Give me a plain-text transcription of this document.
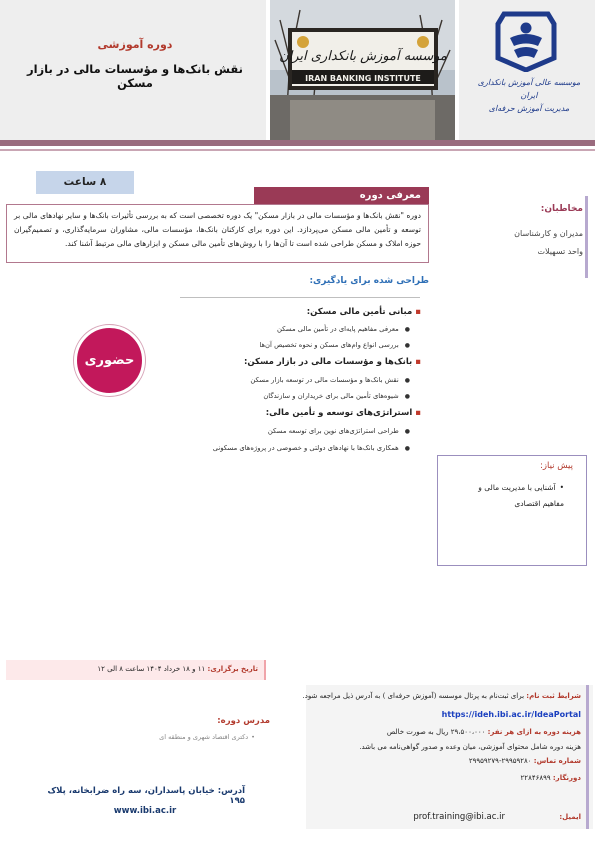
موسسه آموزش بانکداری ایران
IRAN BANKING INSTITUTE
دوره آموزشی
نقش بانک‌ها و مؤسسات مالی در بازار مسکن	موسسه عالی آموزش بانکداری ایران
مدیریت آموزش حرفه‌ای
۸ ساعت
معرفی دوره
دوره "نقش بانک‌ها و مؤسسات مالی در بازار مسکن" یک دوره تخصصی است که به بررسی تأثیرات بانک‌ها و سایر نهادهای مالی بر توسعه و تأمین مالی مسکن می‌پردازد. این دوره برای کارکنان بانک‌ها، مؤسسات مالی، مشاوران سرمایه‌گذاری، و تصمیم‌گیران حوزه املاک و مسکن طراحی شده است تا آن‌ها را با روش‌های تأمین مالی مسکن و ابزارهای مالی مرتبط آشنا کند.
مخاطبان:
مدیران و کارشناسان
واحد تسهیلات
طراحی شده برای یادگیری:
▪مبانی تأمین مالی مسکن:
●معرفی مفاهیم پایه‌ای در تأمین مالی مسکن
●بررسی انواع وام‌های مسکن و نحوه تخصیص آن‌ها
▪بانک‌ها و مؤسسات مالی در بازار مسکن:
●نقش بانک‌ها و مؤسسات مالی در توسعه بازار مسکن
●شیوه‌های تأمین مالی برای خریداران و سازندگان
▪استراتژی‌های توسعه و تأمین مالی:
●طراحی استراتژی‌های نوین برای توسعه مسکن
●همکاری بانک‌ها با نهادهای دولتی و خصوصی در پروژه‌های مسکونی
حضوری
پیش نیاز:
•آشنایی با مدیریت مالی و مفاهیم اقتصادی
تاریخ برگزاری: ۱۱ و ۱۸ خرداد ۱۴۰۴ ساعت ۸ الی ۱۲
مدرس دوره:
•دکتری اقتصاد شهری و منطقه ای
آدرس: خیابان پاسداران، سه راه ضرابخانه، پلاک ۱۹۵
www.ibi.ac.ir
شرایط ثبت نام: برای ثبت‌نام به پرتال موسسه (آموزش حرفه‌ای ) به آدرس ذیل مراجعه شود.
https://ideh.ibi.ac.ir/IdeaPortal
هزینه دوره به ازای هر نفر: ۲۹،۵۰۰،۰۰۰ ریال به صورت خالص
هزینه دوره شامل محتوای آموزشی، میان وعده و صدور گواهی‌نامه می باشد.
شماره تماس: ۲۹۹۵۹۲۸۰-۲۹۹۵۹۲۷۹
دورنگار: ۲۲۸۴۶۸۹۹
ایمیل:
prof.training@ibi.ac.ir
